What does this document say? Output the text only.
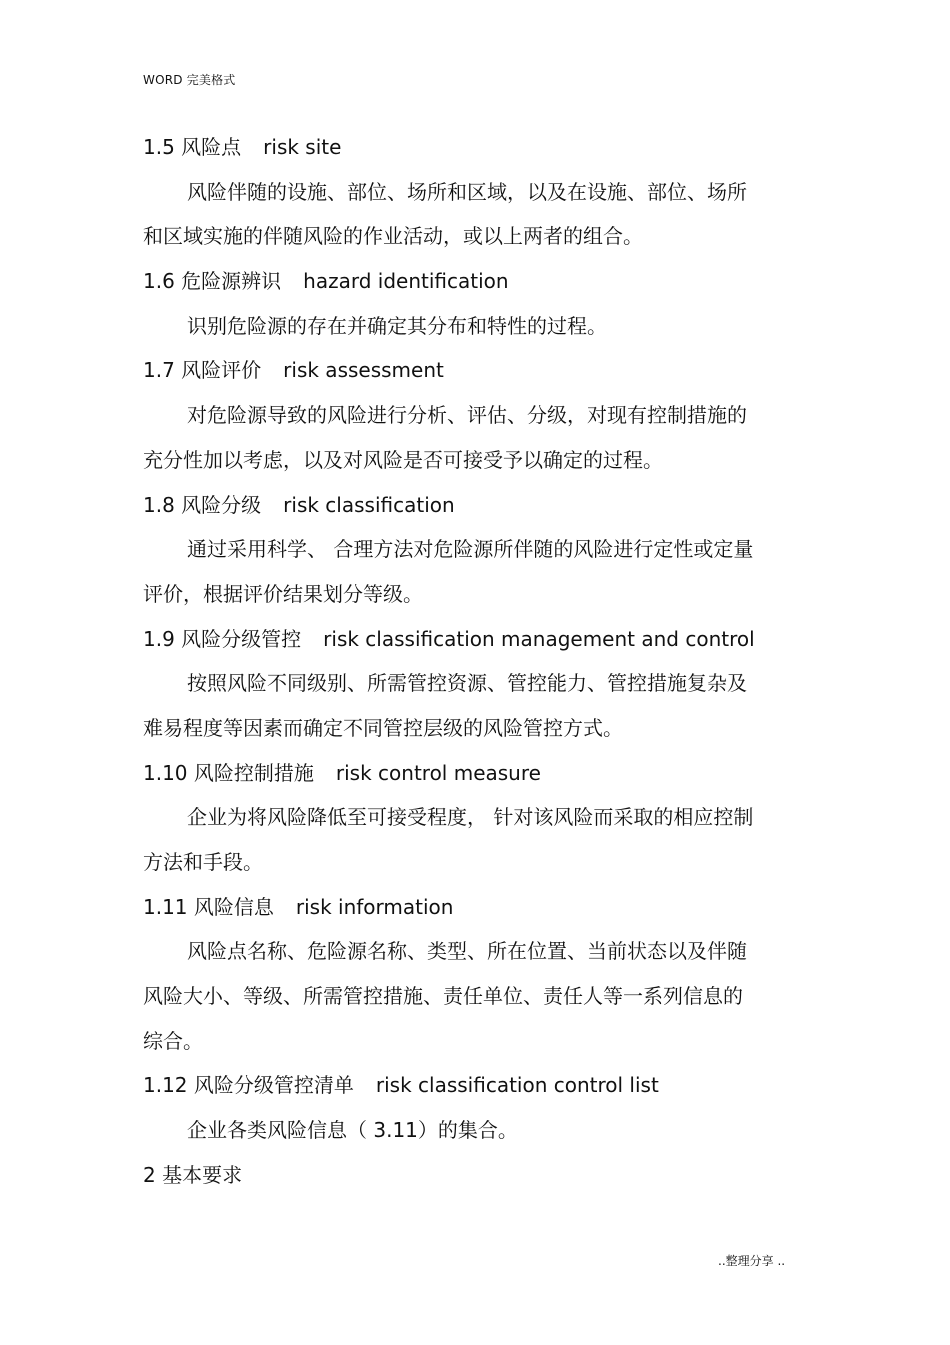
WORD 完美格式
1.5 风险点 risk site
风险伴随的设施、部位、场所和区域，以及在设施、部位、场所
和区域实施的伴随风险的作业活动，或以上两者的组合。
1.6 危险源辨识 hazard identification
识别危险源的存在并确定其分布和特性的过程。
1.7 风险评价 risk assessment
对危险源导致的风险进行分析、评估、分级，对现有控制措施的
充分性加以考虑，以及对风险是否可接受予以确定的过程。
1.8 风险分级 risk classification
通过采用科学、 合理方法对危险源所伴随的风险进行定性或定量
评价，根据评价结果划分等级。
1.9 风险分级管控 risk classification management and control
按照风险不同级别、所需管控资源、管控能力、管控措施复杂及
难易程度等因素而确定不同管控层级的风险管控方式。
1.10 风险控制措施 risk control measure
企业为将风险降低至可接受程度， 针对该风险而采取的相应控制
方法和手段。
1.11 风险信息 risk information
风险点名称、危险源名称、类型、所在位置、当前状态以及伴随
风险大小、等级、所需管控措施、责任单位、责任人等一系列信息的
综合。
1.12 风险分级管控清单 risk classification control list
企业各类风险信息（ 3.11）的集合。
2 基本要求
..整理分享 ..
